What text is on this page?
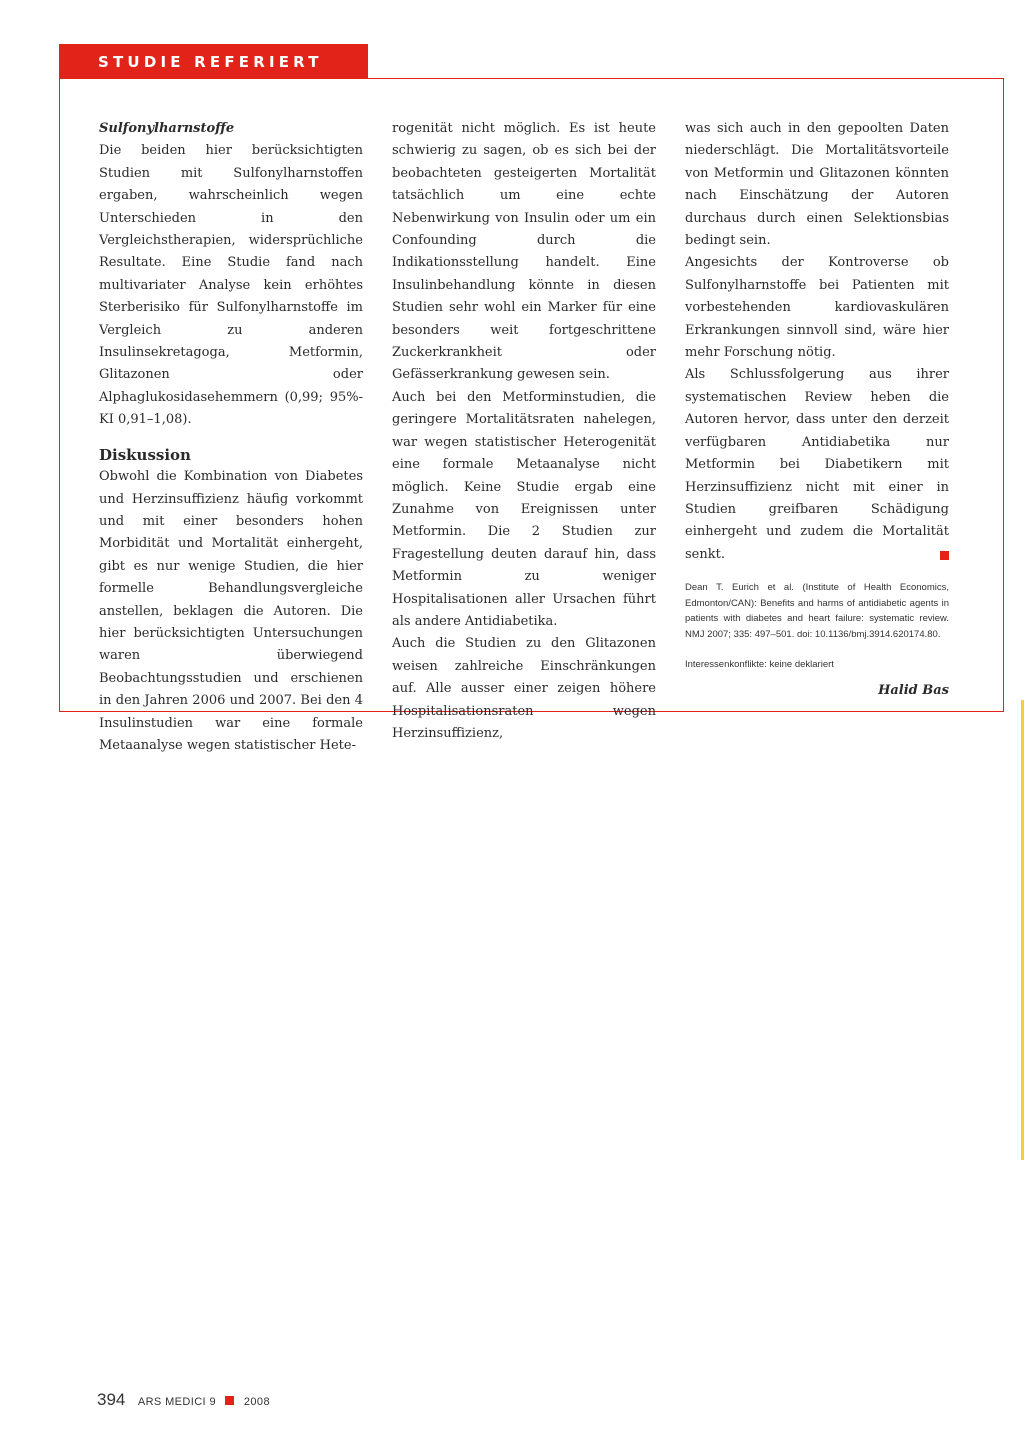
STUDIE REFERIERT

Sulfonylharnstoffe

Die beiden hier berücksichtigten Studien mit Sulfonylharnstoffen ergaben, wahrscheinlich wegen Unterschieden in den Vergleichstherapien, widersprüchliche Resultate. Eine Studie fand nach multivariater Analyse kein erhöhtes Sterberisiko für Sulfonylharnstoffe im Vergleich zu anderen Insulinsekretagoga, Metformin, Glitazonen oder Alphaglukosidasehemmern (0,99; 95%-KI 0,91–1,08).

Diskussion

Obwohl die Kombination von Diabetes und Herzinsuffizienz häufig vorkommt und mit einer besonders hohen Morbidität und Mortalität einhergeht, gibt es nur wenige Studien, die hier formelle Behandlungsvergleiche anstellen, beklagen die Autoren. Die hier berücksichtigten Untersuchungen waren überwiegend Beobachtungsstudien und erschienen in den Jahren 2006 und 2007. Bei den 4 Insulinstudien war eine formale Metaanalyse wegen statistischer Hete-

rogenität nicht möglich. Es ist heute schwierig zu sagen, ob es sich bei der beobachteten gesteigerten Mortalität tatsächlich um eine echte Nebenwirkung von Insulin oder um ein Confounding durch die Indikationsstellung handelt. Eine Insulinbehandlung könnte in diesen Studien sehr wohl ein Marker für eine besonders weit fortgeschrittene Zuckerkrankheit oder Gefässerkrankung gewesen sein.

Auch bei den Metforminstudien, die geringere Mortalitätsraten nahelegen, war wegen statistischer Heterogenität eine formale Metaanalyse nicht möglich. Keine Studie ergab eine Zunahme von Ereignissen unter Metformin. Die 2 Studien zur Fragestellung deuten darauf hin, dass Metformin zu weniger Hospitalisationen aller Ursachen führt als andere Antidiabetika.

Auch die Studien zu den Glitazonen weisen zahlreiche Einschränkungen auf. Alle ausser einer zeigen höhere Hospitalisationsraten wegen Herzinsuffizienz,

was sich auch in den gepoolten Daten niederschlägt. Die Mortalitätsvorteile von Metformin und Glitazonen könnten nach Einschätzung der Autoren durchaus durch einen Selektionsbias bedingt sein.

Angesichts der Kontroverse ob Sulfonylharnstoffe bei Patienten mit vorbestehenden kardiovaskulären Erkrankungen sinnvoll sind, wäre hier mehr Forschung nötig.

Als Schlussfolgerung aus ihrer systematischen Review heben die Autoren hervor, dass unter den derzeit verfügbaren Antidiabetika nur Metformin bei Diabetikern mit Herzinsuffizienz nicht mit einer in Studien greifbaren Schädigung einhergeht und zudem die Mortalität senkt.

Dean T. Eurich et al. (Institute of Health Economics, Edmonton/CAN): Benefits and harms of antidiabetic agents in patients with diabetes and heart failure: systematic review. NMJ 2007; 335: 497–501. doi: 10.1136/bmj.3914.620174.80.

Interessenkonflikte: keine deklariert

Halid Bas

394 ARS MEDICI 9	2008
